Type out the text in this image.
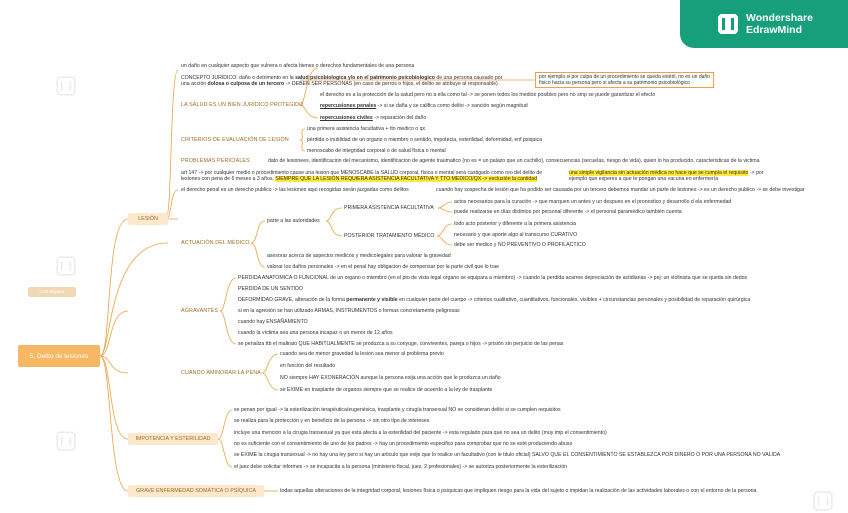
Wondershare
EdrawMind
cost regular
5. Delito de lesiones
LESIÓN
ACTUACIÓN DEL MÉDICO
AGRAVANTES
CUANDO AMINORAR LA PENA
IMPOTENCIA Y ESTERILIDAD
GRAVE ENFERMEDAD SOMÁTICA O PSÍQUICA
un daño en cualquier aspecto que vulnera o afecta bienes o derechos fundamentales de una persona
CONCEPTO JURÍDICO: daño o detrimento en la salud psicobiologica y/o en el patrimonio psicobiologico de una persona causado por
una acción dolosa o culposa de un tercero -> DEBEN SER PERSONAS (en caso de perros o hijos, el delito se atribuye al responsable)
por ejemplo si por culpa de un procedimiento se queda estéril, no es un daño
físico hacia su persona pero si afecta a su patrimonio psicobiológico
LA SALUD ES UN BIEN JURÍDICO PROTEGIDO
el derecho es a la protección de la salud pero no a ella como tal -> se ponen todos los medios posibles pero no smp se puede garantizar el efecto
repercusiones penales -> si se daña y se califica como delito -> sanción según magnitud
repercusiones civiles -> reparación del daño
CRITERIOS DE EVALUACIÓN DE LESIÓN
una primera asistencia facultativa + tto medico o qx
pérdida o inutilidad de un organo o miembro o sentido, impotecia, esterilidad, deformidad, enf psiquica
menoscabo de integridad corporal o de salud física o mental
PROBLEMAS PERICIALES	dato de lesionees, identificacion del mecanismo, identificacion de agente traumatico (no es = un palazo que un cuchillo), consecuencias (secuelas, riesgo de vida), quien lo ha producido, caracteristicas de la victima
art 147 -> por cualquier medio o procedimiento cause una lesion que MENOSCABE la SALUD corporal, física o mental será castigado como reo del delito de
lesiones con pena de 6 meses a 3 años. SIEMPRE QUE LA LESIÓN REQUIERA ASISTENCIA FACULTATIVA Y TTO MEDICO/QX -> exclusión la cantidad
una simple vigilancia sin actuación médica no hace que se cumpla el requisito -> por
ejemplo que esperes a que te pongan una vacuna en enfermería
el derecho penal es un derecho publico -> las lesiones aqui recogidas serán juzgadas como delitos	cuando hay sospecha de lesión que ha podido ser causada por un tercero debemos mandar un parte de lesiones -> es un derecho publico -> se debe investigar
parte a las autoridades
PRIMERA ASISTENCIA FACULTATIVA
actos necesarios para la curación -> que marquen un antes y un despues en el pronostico y desarrollo d ela enfermedad
puede realizarse en días distintos por personal diferente -> el personal paramédico también cuenta
POSTERIOR TRATAMIENTO MÉDICO
todo acto posterior y diferente a la primera asistencia
necesario y que aporte algo al transcurso CURATIVO
debe ser medico y NO PREVENTIVO O PROFILACTICO
asesorar acerca de aspectos medicos y medicolegales para valorar la gravedad
valorar los daños personales -> en el penal hay obligacion de compensar por la parte civil que lo trae
PERDIDA ANATOMICA O FUNCIONAL de un organo o miembro (en el pto de vista legal organo se equipara a miembro) -> cuando la perdida acarree depreciación de actidiarias -> pej: un violinista que se queda sin dedos
PERDIDA DE UN SENTIDO
DEFORMIDAD GRAVE, alteración de la forma permanente y visible en cualquier parte del cuerpo -> criterios cualitativo, cuantitativos, funcionales, visibles + circunstancias personales y posibilidad de reparación quirúrgica
si en la agresión se han utilizado ARMAS, INSTRUMENTOS o formas concretamente peligrosas
cuando hay ENSAÑAMIENTO
cuando la víctima sea una persona incapaz o un menor de 12 años
se penaliza ttb el maltrato QUE HABITUALMENTE se produzca a su conyuge, conviventes, pareja o hijos -> prisión sin perjuicio de las penas
cuando sea de menor gravedad la lesion sea menor al problema previo
en función del resultado
NO siempre HAY EXONERACIÓN aunque la persona exija una acción que le produzca un daño
se EXIME en trasplante de organos siempre que se realice de acuerdo a la ley de trasplante
se penan por igual -> la esterilización terapéutica/eugenésica, trasplante y cirugía transexual NO se consideran delito si se cumplen requisitos
se realiza para la protección y en beneficio de la persona -> sin otro tipo de intereses
incluye una mencion a la cirugia transexual ya que esta afecta a la esterilidad del paciente -> esta regulado para que no sea un delito (muy imp el consentimiento)
no es suficiente con el consentimiento de uno de los padres -> hay un procedimiento especifico para comprobar que no se esté produciendo abuso
se EXIME la cirugia transexual -> no hay una ley pero si hay un articulo que exije que lo realice un facultativo (con le titulo oficial) SALVO QUE EL CONSENTIMIENTO SE ESTABLEZCA POR DINERO O POR UNA PERSONA NO VALIDA
el juez debe solicitar informes -> se incapacita a la persona (ministerio fiscal, juez, 2 profesionales) -> se autoriza posteriormente la esterilización
todas aquellas alteraciones de la integridad corporal, lesiones física o psiquicas que impliquen riesgo para la vida del sujeto o impidan la realización de las actividades laborales o con el entorno de la persona
